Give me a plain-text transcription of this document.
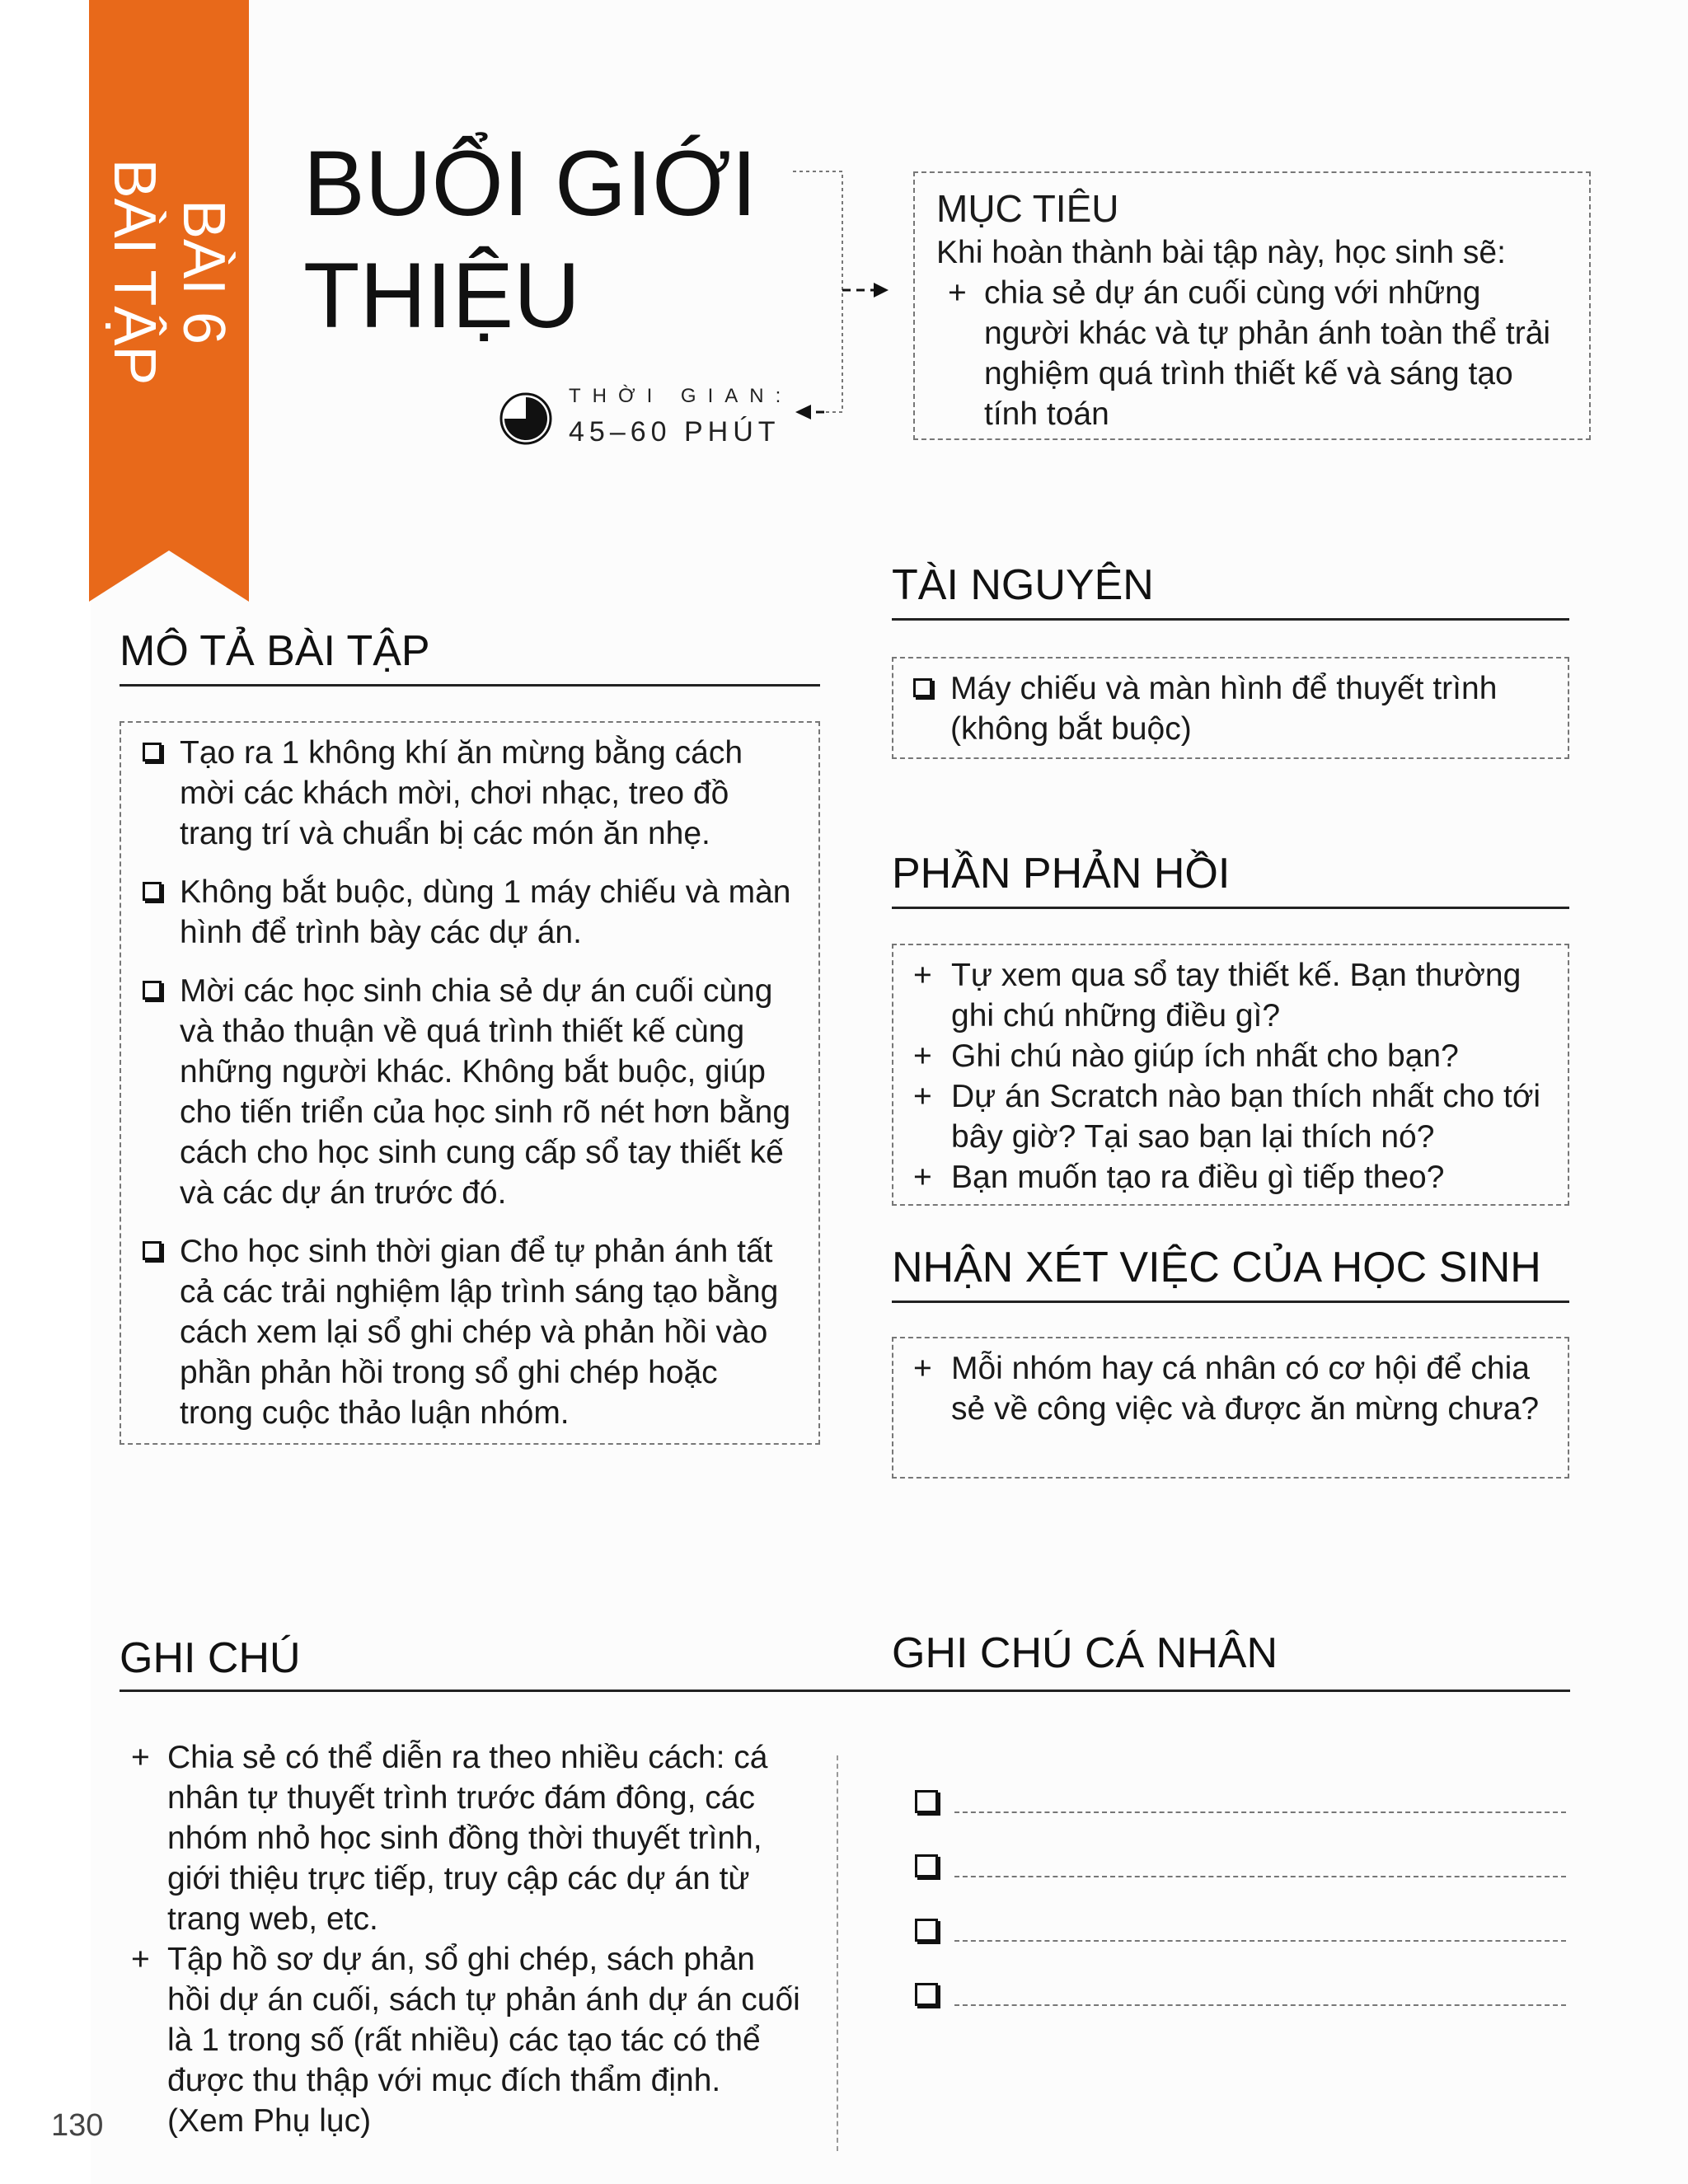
BÀI 6
BÀI TẬP BUỔI GIỚI
THIỆU
THỜI GIAN:
45–60 PHÚT
MỤC TIÊU
Khi hoàn thành bài tập này, học sinh sẽ:
+ chia sẻ dự án cuối cùng với những người khác và tự phản ánh toàn thể trải nghiệm quá trình thiết kế và sáng tạo tính toán
MÔ TẢ BÀI TẬP
Tạo ra 1 không khí ăn mừng bằng cách mời các khách mời, chơi nhạc, treo đồ trang trí và chuẩn bị các món ăn nhẹ.
Không bắt buộc, dùng 1 máy chiếu và màn hình để trình bày các dự án.
Mời các học sinh chia sẻ dự án cuối cùng và thảo thuận về quá trình thiết kế cùng những người khác. Không bắt buộc, giúp cho tiến triển của học sinh rõ nét hơn bằng cách cho học sinh cung cấp sổ tay thiết kế và các dự án trước đó.
Cho học sinh thời gian để tự phản ánh tất cả các trải nghiệm lập trình sáng tạo bằng cách xem lại sổ ghi chép và phản hồi vào phần phản hồi trong sổ ghi chép hoặc trong cuộc thảo luận nhóm.
TÀI NGUYÊN
Máy chiếu và màn hình để thuyết trình (không bắt buộc)
PHẦN PHẢN HỒI
+ Tự xem qua sổ tay thiết kế. Bạn thường ghi chú những điều gì?
+ Ghi chú nào giúp ích nhất cho bạn?
+ Dự án Scratch nào bạn thích nhất cho tới bây giờ? Tại sao bạn lại thích nó?
+ Bạn muốn tạo ra điều gì tiếp theo?
NHẬN XÉT VIỆC CỦA HỌC SINH
+ Mỗi nhóm hay cá nhân có cơ hội để chia sẻ về công việc và được ăn mừng chưa?
GHI CHÚ	GHI CHÚ CÁ NHÂN
+ Chia sẻ có thể diễn ra theo nhiều cách: cá nhân tự thuyết trình trước đám đông, các nhóm nhỏ học sinh đồng thời thuyết trình, giới thiệu trực tiếp, truy cập các dự án từ trang web, etc.
+ Tập hồ sơ dự án, sổ ghi chép, sách phản hồi dự án cuối, sách tự phản ánh dự án cuối là 1 trong số (rất nhiều) các tạo tác có thể được thu thập với mục đích thẩm định. (Xem Phụ lục)
130
